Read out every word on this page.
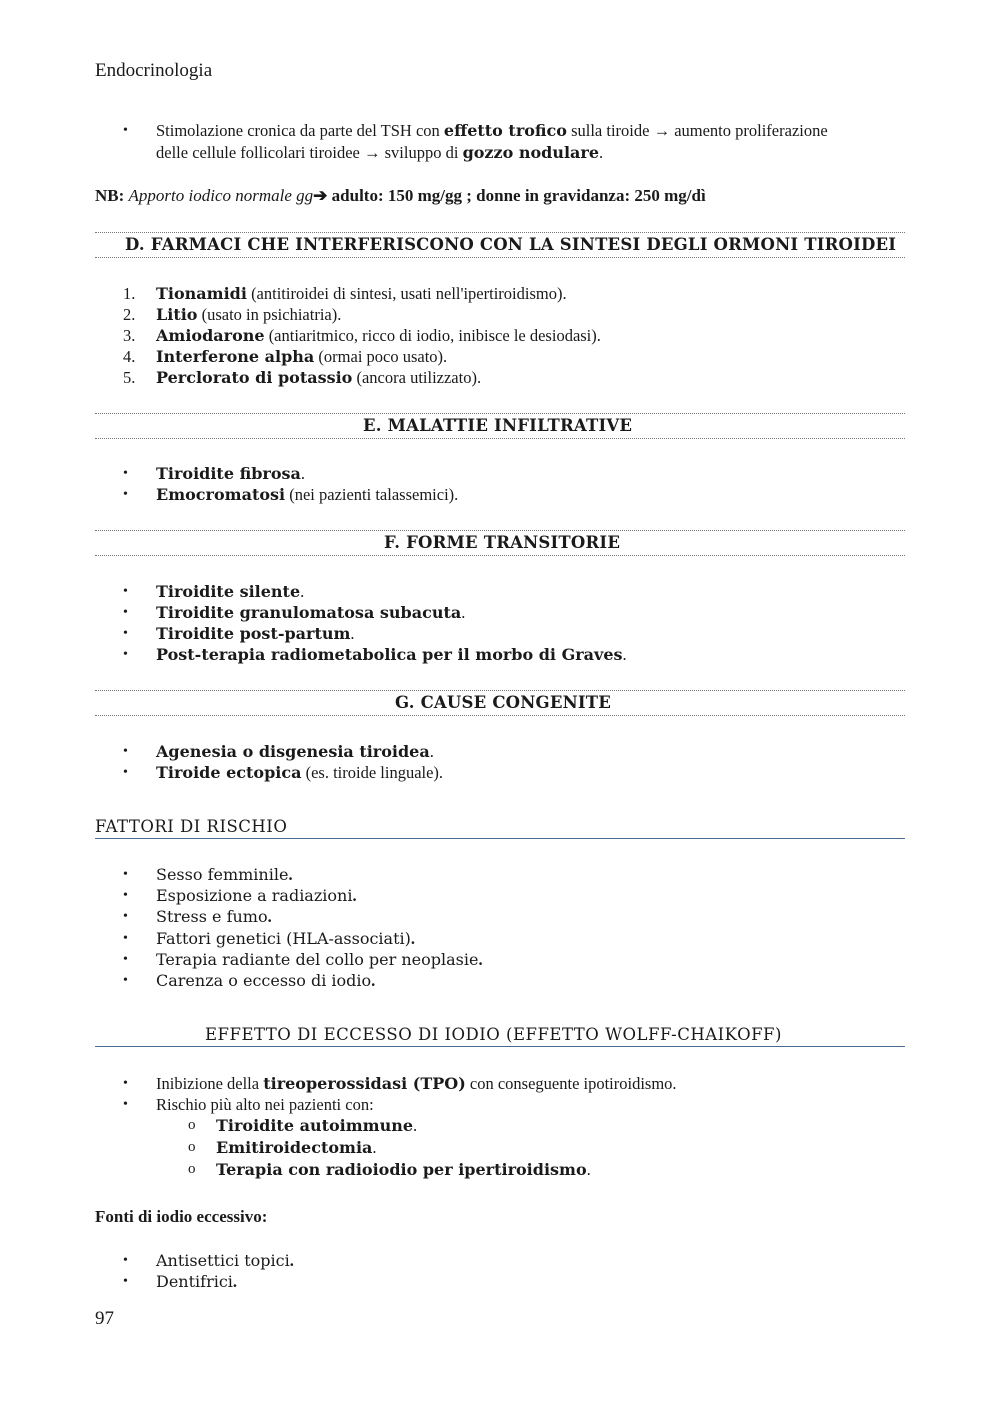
Endocrinologia
• Stimolazione cronica da parte del TSH con effetto trofico sulla tiroide → aumento proliferazione
delle cellule follicolari tiroidee → sviluppo di gozzo nodulare.
NB: Apporto iodico normale gg➔ adulto: 150 mg/gg ; donne in gravidanza: 250 mg/dì
D. FARMACI CHE INTERFERISCONO CON LA SINTESI DEGLI ORMONI TIROIDEI
1. Tionamidi (antitiroidei di sintesi, usati nell'ipertiroidismo).
2. Litio (usato in psichiatria).
3. Amiodarone (antiaritmico, ricco di iodio, inibisce le desiodasi).
4. Interferone alpha (ormai poco usato).
5. Perclorato di potassio (ancora utilizzato).
E. MALATTIE INFILTRATIVE
• Tiroidite fibrosa.
• Emocromatosi (nei pazienti talassemici).
F. FORME TRANSITORIE
• Tiroidite silente.
• Tiroidite granulomatosa subacuta.
• Tiroidite post-partum.
• Post-terapia radiometabolica per il morbo di Graves.
G. CAUSE CONGENITE
• Agenesia o disgenesia tiroidea.
• Tiroide ectopica (es. tiroide linguale).
FATTORI DI RISCHIO
• Sesso femminile.
• Esposizione a radiazioni.
• Stress e fumo.
• Fattori genetici (HLA-associati).
• Terapia radiante del collo per neoplasie.
• Carenza o eccesso di iodio.
EFFETTO DI ECCESSO DI IODIO (EFFETTO WOLFF-CHAIKOFF)
• Inibizione della tireoperossidasi (TPO) con conseguente ipotiroidismo.
• Rischio più alto nei pazienti con:
o Tiroidite autoimmune.
o Emitiroidectomia.
o Terapia con radioiodio per ipertiroidismo.
Fonti di iodio eccessivo:
• Antisettici topici.
• Dentifrici.
97
